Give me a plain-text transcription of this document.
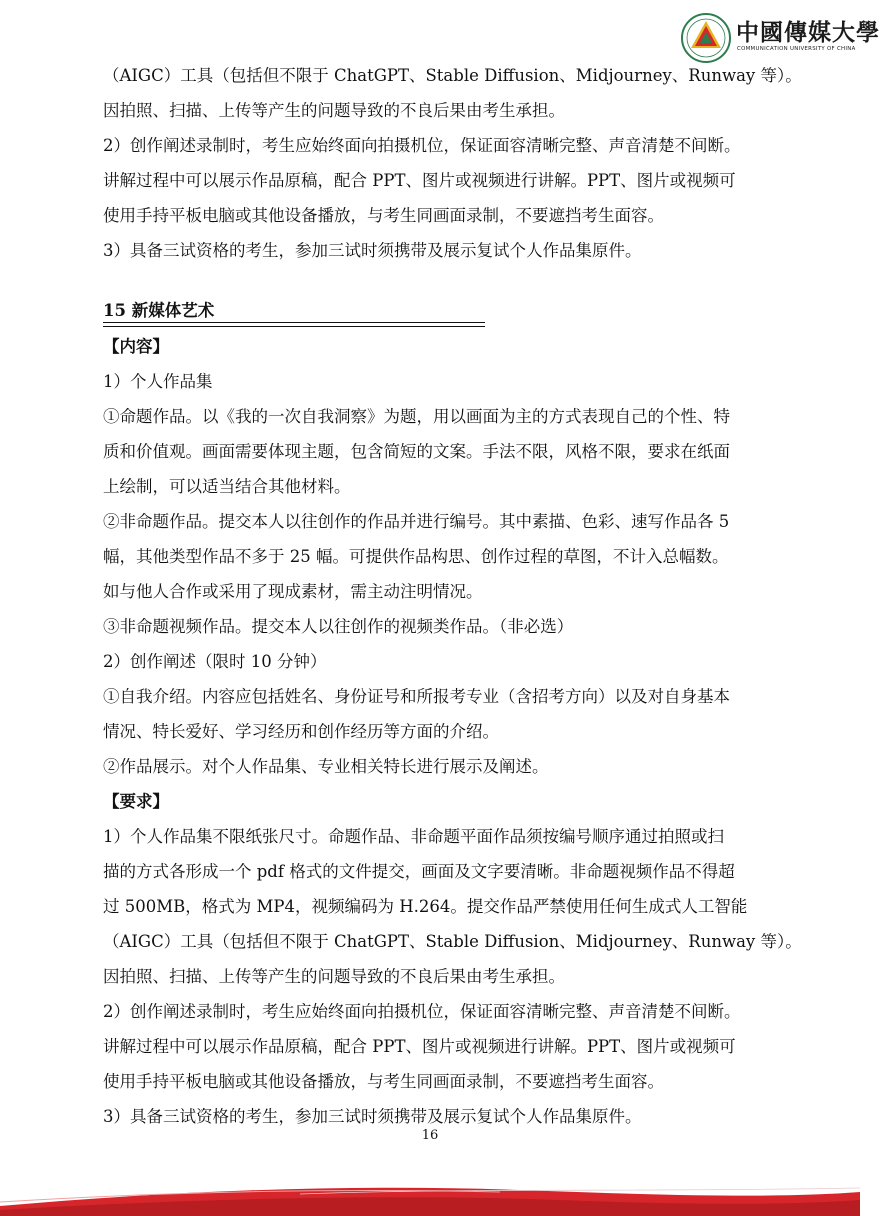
中國傳媒大學
COMMUNICATION UNIVERSITY OF CHINA
（AIGC）工具（包括但不限于 ChatGPT、Stable Diffusion、Midjourney、Runway 等）。
因拍照、扫描、上传等产生的问题导致的不良后果由考生承担。
2）创作阐述录制时，考生应始终面向拍摄机位，保证面容清晰完整、声音清楚不间断。
讲解过程中可以展示作品原稿，配合 PPT、图片或视频进行讲解。PPT、图片或视频可
使用手持平板电脑或其他设备播放，与考生同画面录制，不要遮挡考生面容。
3）具备三试资格的考生，参加三试时须携带及展示复试个人作品集原件。
15 新媒体艺术
【内容】
1）个人作品集
①命题作品。以《我的一次自我洞察》为题，用以画面为主的方式表现自己的个性、特
质和价值观。画面需要体现主题，包含简短的文案。手法不限，风格不限，要求在纸面
上绘制，可以适当结合其他材料。
②非命题作品。提交本人以往创作的作品并进行编号。其中素描、色彩、速写作品各 5
幅，其他类型作品不多于 25 幅。可提供作品构思、创作过程的草图，不计入总幅数。
如与他人合作或采用了现成素材，需主动注明情况。
③非命题视频作品。提交本人以往创作的视频类作品。（非必选）
2）创作阐述（限时 10 分钟）
①自我介绍。内容应包括姓名、身份证号和所报考专业（含招考方向）以及对自身基本
情况、特长爱好、学习经历和创作经历等方面的介绍。
②作品展示。对个人作品集、专业相关特长进行展示及阐述。
【要求】
1）个人作品集不限纸张尺寸。命题作品、非命题平面作品须按编号顺序通过拍照或扫
描的方式各形成一个 pdf 格式的文件提交，画面及文字要清晰。非命题视频作品不得超
过 500MB，格式为 MP4，视频编码为 H.264。提交作品严禁使用任何生成式人工智能
（AIGC）工具（包括但不限于 ChatGPT、Stable Diffusion、Midjourney、Runway 等）。
因拍照、扫描、上传等产生的问题导致的不良后果由考生承担。
2）创作阐述录制时，考生应始终面向拍摄机位，保证面容清晰完整、声音清楚不间断。
讲解过程中可以展示作品原稿，配合 PPT、图片或视频进行讲解。PPT、图片或视频可
使用手持平板电脑或其他设备播放，与考生同画面录制，不要遮挡考生面容。
3）具备三试资格的考生，参加三试时须携带及展示复试个人作品集原件。
16
